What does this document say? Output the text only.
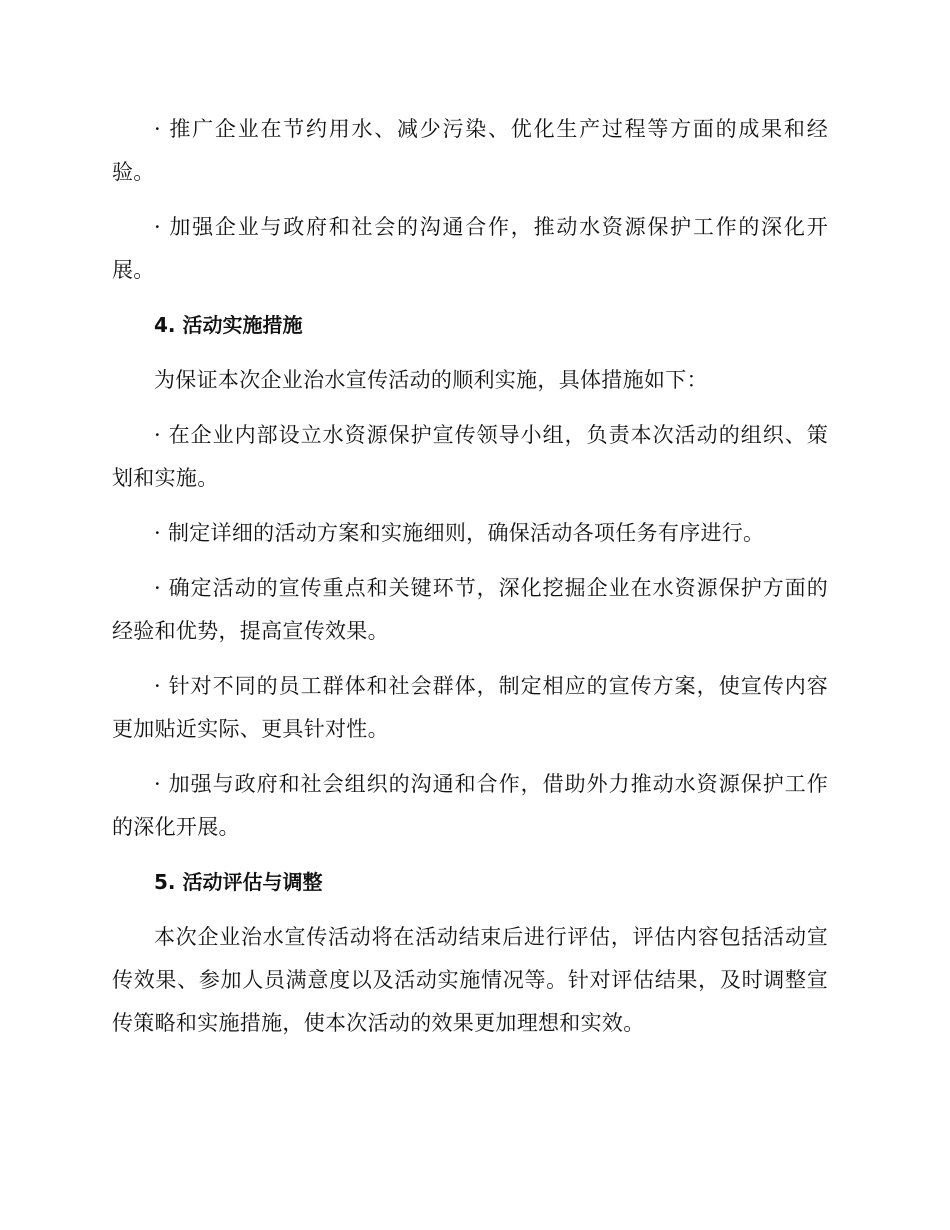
· 推广企业在节约用水、减少污染、优化生产过程等方面的成果和经验。

· 加强企业与政府和社会的沟通合作，推动水资源保护工作的深化开展。

4. 活动实施措施

为保证本次企业治水宣传活动的顺利实施，具体措施如下：

· 在企业内部设立水资源保护宣传领导小组，负责本次活动的组织、策划和实施。

· 制定详细的活动方案和实施细则，确保活动各项任务有序进行。

· 确定活动的宣传重点和关键环节，深化挖掘企业在水资源保护方面的经验和优势，提高宣传效果。

· 针对不同的员工群体和社会群体，制定相应的宣传方案，使宣传内容更加贴近实际、更具针对性。

· 加强与政府和社会组织的沟通和合作，借助外力推动水资源保护工作的深化开展。

5. 活动评估与调整

本次企业治水宣传活动将在活动结束后进行评估，评估内容包括活动宣传效果、参加人员满意度以及活动实施情况等。针对评估结果，及时调整宣传策略和实施措施，使本次活动的效果更加理想和实效。
